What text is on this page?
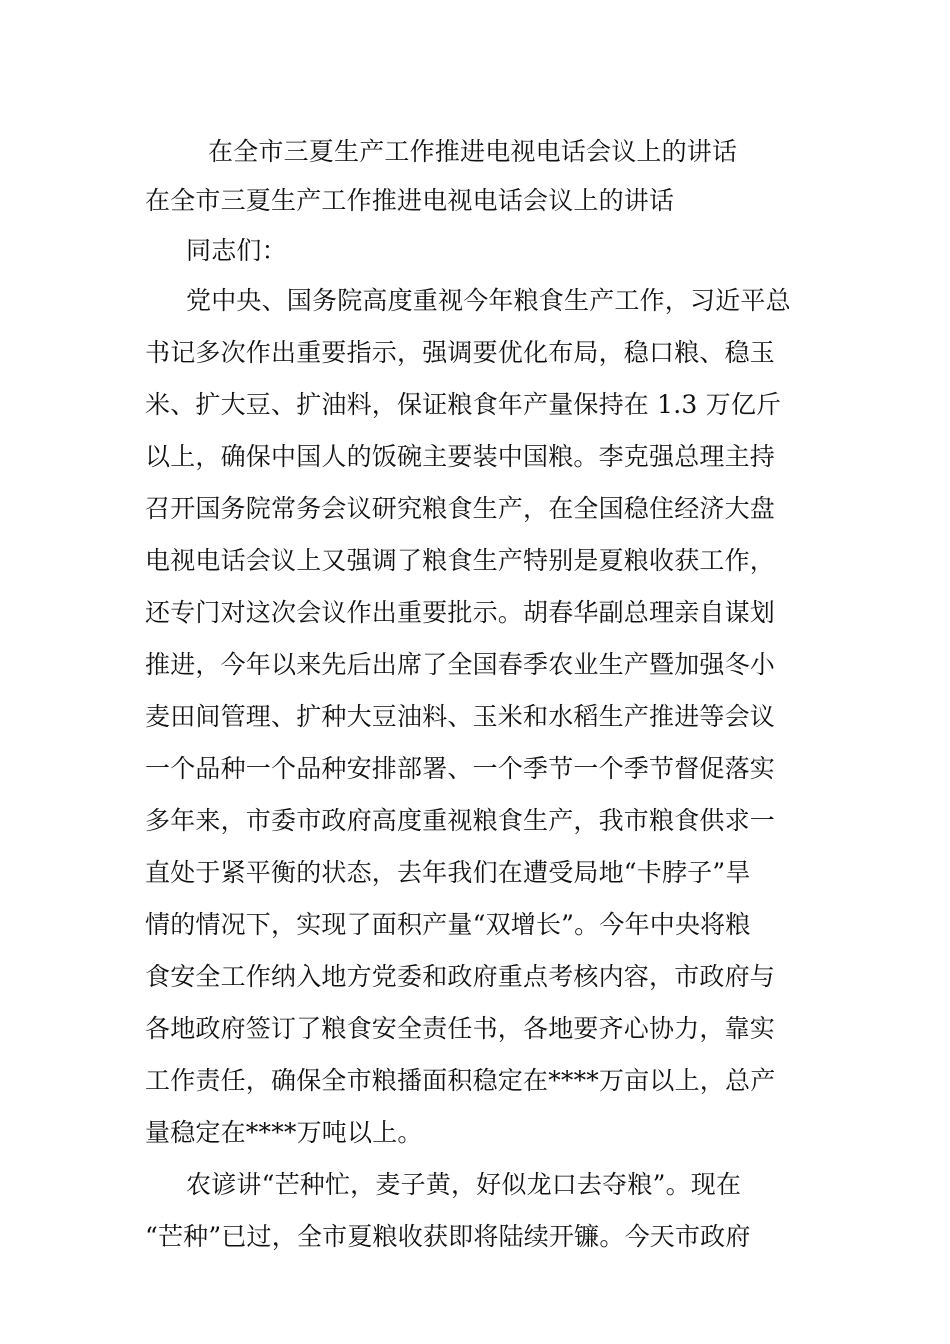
在全市三夏生产工作推进电视电话会议上的讲话
在全市三夏生产工作推进电视电话会议上的讲话
同志们：
党中央、国务院高度重视今年粮食生产工作，习近平总
书记多次作出重要指示，强调要优化布局，稳口粮、稳玉
米、扩大豆、扩油料，保证粮食年产量保持在 1.3 万亿斤
以上，确保中国人的饭碗主要装中国粮。李克强总理主持
召开国务院常务会议研究粮食生产，在全国稳住经济大盘
电视电话会议上又强调了粮食生产特别是夏粮收获工作，
还专门对这次会议作出重要批示。胡春华副总理亲自谋划
推进，今年以来先后出席了全国春季农业生产暨加强冬小
麦田间管理、扩种大豆油料、玉米和水稻生产推进等会议
一个品种一个品种安排部署、一个季节一个季节督促落实
多年来，市委市政府高度重视粮食生产，我市粮食供求一
直处于紧平衡的状态，去年我们在遭受局地“卡脖子”旱
情的情况下，实现了面积产量“双增长”。今年中央将粮
食安全工作纳入地方党委和政府重点考核内容，市政府与
各地政府签订了粮食安全责任书，各地要齐心协力，靠实
工作责任，确保全市粮播面积稳定在****万亩以上，总产
量稳定在****万吨以上。
农谚讲“芒种忙，麦子黄，好似龙口去夺粮”。现在
“芒种”已过，全市夏粮收获即将陆续开镰。今天市政府
